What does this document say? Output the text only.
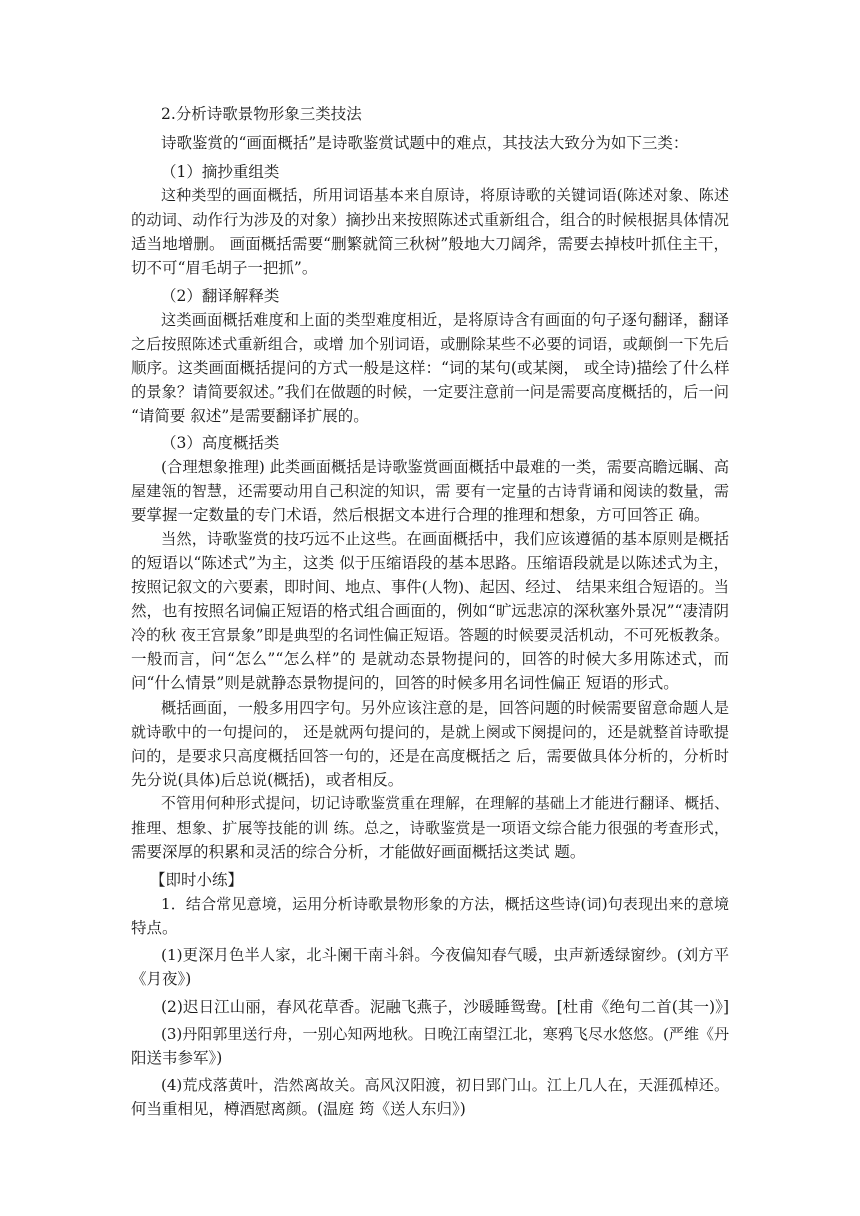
2.分析诗歌景物形象三类技法
诗歌鉴赏的“画面概括”是诗歌鉴赏试题中的难点，其技法大致分为如下三类：
（1）摘抄重组类
这种类型的画面概括，所用词语基本来自原诗，将原诗歌的关键词语(陈述对象、陈述
的动词、动作行为涉及的对象）摘抄出来按照陈述式重新组合，组合的时候根据具体情况
适当地增删。 画面概括需要“删繁就简三秋树”般地大刀阔斧，需要去掉枝叶抓住主干，
切不可“眉毛胡子一把抓”。
（2）翻译解释类
这类画面概括难度和上面的类型难度相近，是将原诗含有画面的句子逐句翻译，翻译
之后按照陈述式重新组合，或增 加个别词语，或删除某些不必要的词语，或颠倒一下先后
顺序。这类画面概括提问的方式一般是这样：“词的某句(或某阕， 或全诗)描绘了什么样
的景象？请简要叙述。”我们在做题的时候，一定要注意前一问是需要高度概括的，后一问
“请简要 叙述”是需要翻译扩展的。
（3）高度概括类
(合理想象推理) 此类画面概括是诗歌鉴赏画面概括中最难的一类，需要高瞻远瞩、高
屋建瓴的智慧，还需要动用自己积淀的知识，需 要有一定量的古诗背诵和阅读的数量，需
要掌握一定数量的专门术语，然后根据文本进行合理的推理和想象，方可回答正 确。
当然，诗歌鉴赏的技巧远不止这些。在画面概括中，我们应该遵循的基本原则是概括
的短语以“陈述式”为主，这类 似于压缩语段的基本思路。压缩语段就是以陈述式为主，
按照记叙文的六要素，即时间、地点、事件(人物)、起因、经过、 结果来组合短语的。当
然，也有按照名词偏正短语的格式组合画面的，例如“旷远悲凉的深秋塞外景况”“凄清阴
冷的秋 夜王宫景象”即是典型的名词性偏正短语。答题的时候要灵活机动，不可死板教条。
一般而言，问“怎么”“怎么样”的 是就动态景物提问的，回答的时候大多用陈述式，而
问“什么情景”则是就静态景物提问的，回答的时候多用名词性偏正 短语的形式。
概括画面，一般多用四字句。另外应该注意的是，回答问题的时候需要留意命题人是
就诗歌中的一句提问的， 还是就两句提问的，是就上阕或下阕提问的，还是就整首诗歌提
问的，是要求只高度概括回答一句的，还是在高度概括之 后，需要做具体分析的，分析时
先分说(具体)后总说(概括)，或者相反。
不管用何种形式提问，切记诗歌鉴赏重在理解，在理解的基础上才能进行翻译、概括、
推理、想象、扩展等技能的训 练。总之，诗歌鉴赏是一项语文综合能力很强的考查形式，
需要深厚的积累和灵活的综合分析，才能做好画面概括这类试 题。
【即时小练】
1．结合常见意境，运用分析诗歌景物形象的方法，概括这些诗(词)句表现出来的意境
特点。
(1)更深月色半人家，北斗阑干南斗斜。今夜偏知春气暖，虫声新透绿窗纱。(刘方平
《月夜》)
(2)迟日江山丽，春风花草香。泥融飞燕子，沙暖睡鸳鸯。[杜甫《绝句二首(其一)》]
(3)丹阳郭里送行舟，一别心知两地秋。日晚江南望江北，寒鸦飞尽水悠悠。(严维《丹
阳送韦参军》)
(4)荒戍落黄叶，浩然离故关。高风汉阳渡，初日郢门山。江上几人在，天涯孤棹还。
何当重相见，樽酒慰离颜。(温庭 筠《送人东归》)
